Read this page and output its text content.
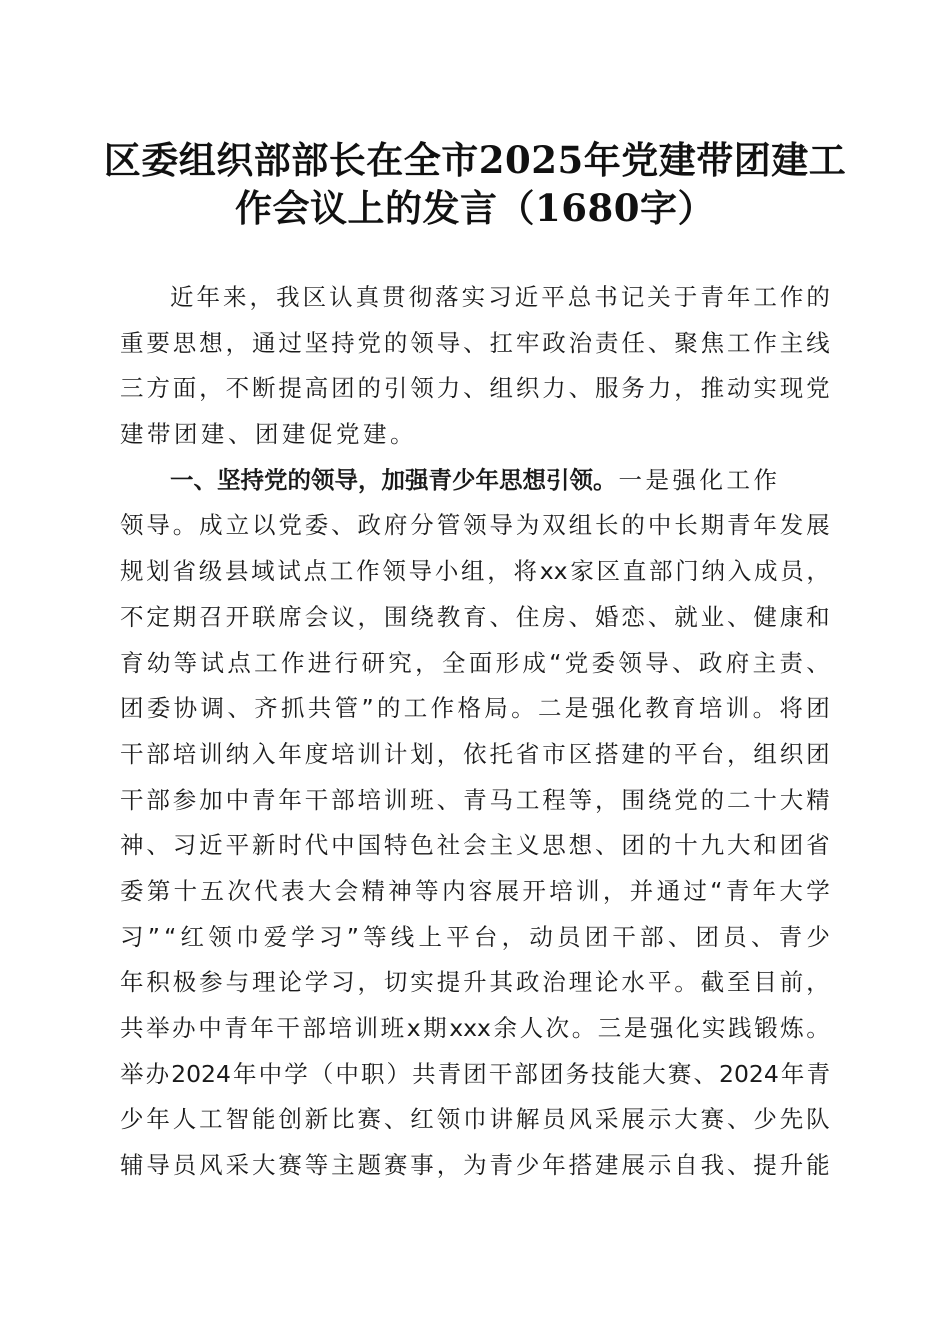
区委组织部部长在全市2025年党建带团建工
作会议上的发言（1680字）
近 年 来 ， 我 区 认 真 贯 彻 落 实 习 近 平 总 书 记 关 于 青 年 工 作 的
重 要 思 想 ， 通 过 坚 持 党 的 领 导 、 扛 牢 政 治 责 任 、 聚 焦 工 作 主 线
三 方 面 ， 不 断 提 高 团 的 引 领 力 、 组 织 力 、 服 务 力 ， 推 动 实 现 党
建 带 团 建 、 团 建 促 党 建 。
一、坚持党的领导，加强青少年思想引领。 一是强化工作
领 导 。 成 立 以 党 委 、 政 府 分 管 领 导 为 双 组 长 的 中 长 期 青 年 发 展
规 划 省 级 县 域 试 点 工 作 领 导 小 组 ， 将 xx 家 区 直 部 门 纳 入 成 员 ，
不 定 期 召 开 联 席 会 议 ， 围 绕 教 育 、 住 房 、 婚 恋 、 就 业 、 健 康 和
育 幼 等 试 点 工 作 进 行 研 究 ， 全 面 形 成 “ 党 委 领 导 、 政 府 主 责 、
团 委 协 调 、 齐 抓 共 管 ” 的 工 作 格 局 。 二 是 强 化 教 育 培 训 。 将 团
干 部 培 训 纳 入 年 度 培 训 计 划 ， 依 托 省 市 区 搭 建 的 平 台 ， 组 织 团
干 部 参 加 中 青 年 干 部 培 训 班 、 青 马 工 程 等 ， 围 绕 党 的 二 十 大 精
神 、 习 近 平 新 时 代 中 国 特 色 社 会 主 义 思 想 、 团 的 十 九 大 和 团 省
委 第 十 五 次 代 表 大 会 精 神 等 内 容 展 开 培 训 ， 并 通 过 “ 青 年 大 学
习 ” “ 红 领 巾 爱 学 习 ” 等 线 上 平 台 ， 动 员 团 干 部 、 团 员 、 青 少
年 积 极 参 与 理 论 学 习 ， 切 实 提 升 其 政 治 理 论 水 平 。 截 至 目 前 ，
共 举 办 中 青 年 干 部 培 训 班 x 期 xxx 余 人 次 。 三 是 强 化 实 践 锻 炼 。
举 办 2024 年 中 学 （ 中 职 ） 共 青 团 干 部 团 务 技 能 大 赛 、 2024 年 青
少 年 人 工 智 能 创 新 比 赛 、 红 领 巾 讲 解 员 风 采 展 示 大 赛 、 少 先 队
辅 导 员 风 采 大 赛 等 主 题 赛 事 ， 为 青 少 年 搭 建 展 示 自 我 、 提 升 能
